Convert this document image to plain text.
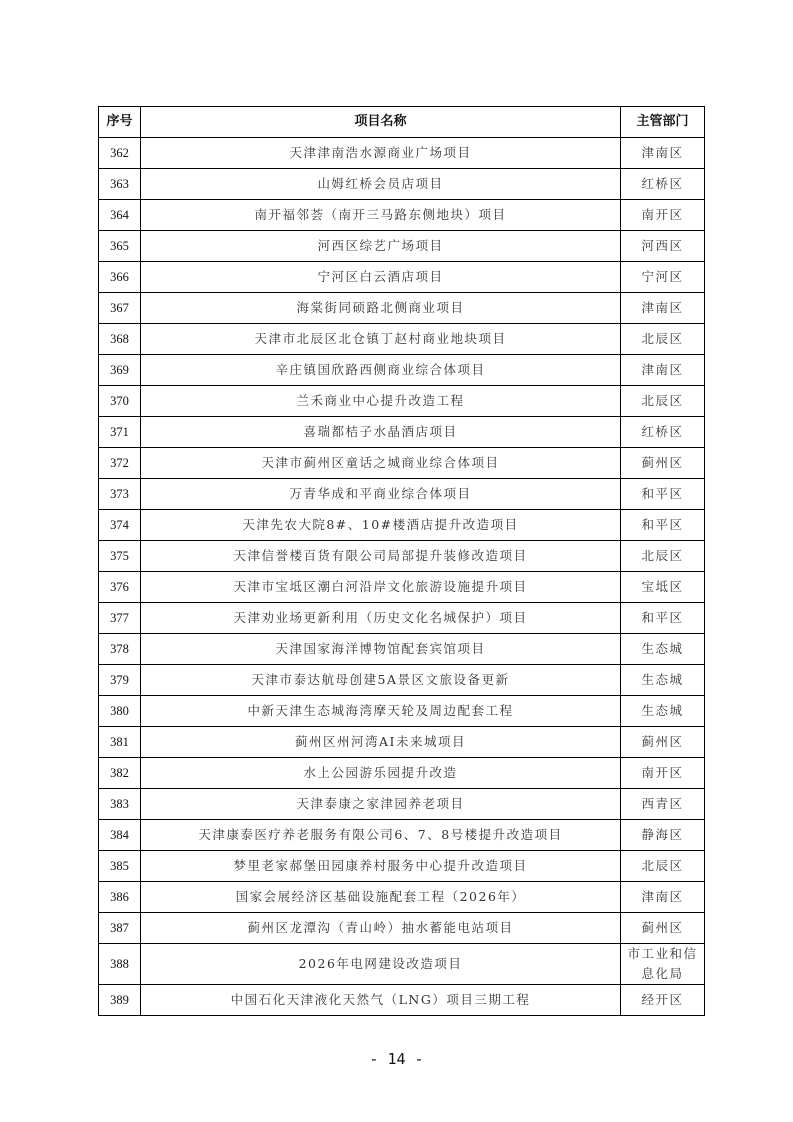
序号	项目名称	主管部门
362	天津津南浩水源商业广场项目	津南区
363	山姆红桥会员店项目	红桥区
364	南开福邻荟（南开三马路东侧地块）项目	南开区
365	河西区综艺广场项目	河西区
366	宁河区白云酒店项目	宁河区
367	海棠街同硕路北侧商业项目	津南区
368	天津市北辰区北仓镇丁赵村商业地块项目	北辰区
369	辛庄镇国欣路西侧商业综合体项目	津南区
370	兰禾商业中心提升改造工程	北辰区
371	喜瑞都桔子水晶酒店项目	红桥区
372	天津市蓟州区童话之城商业综合体项目	蓟州区
373	万青华成和平商业综合体项目	和平区
374	天津先农大院8#、10#楼酒店提升改造项目	和平区
375	天津信誉楼百货有限公司局部提升装修改造项目	北辰区
376	天津市宝坻区潮白河沿岸文化旅游设施提升项目	宝坻区
377	天津劝业场更新利用（历史文化名城保护）项目	和平区
378	天津国家海洋博物馆配套宾馆项目	生态城
379	天津市泰达航母创建5A景区文旅设备更新	生态城
380	中新天津生态城海湾摩天轮及周边配套工程	生态城
381	蓟州区州河湾AI未来城项目	蓟州区
382	水上公园游乐园提升改造	南开区
383	天津泰康之家津园养老项目	西青区
384	天津康泰医疗养老服务有限公司6、7、8号楼提升改造项目	静海区
385	梦里老家郝堡田园康养村服务中心提升改造项目	北辰区
386	国家会展经济区基础设施配套工程（2026年）	津南区
387	蓟州区龙潭沟（青山岭）抽水蓄能电站项目	蓟州区
388	2026年电网建设改造项目	市工业和信息化局

389	中国石化天津液化天然气（LNG）项目三期工程	经开区
- 14 -
